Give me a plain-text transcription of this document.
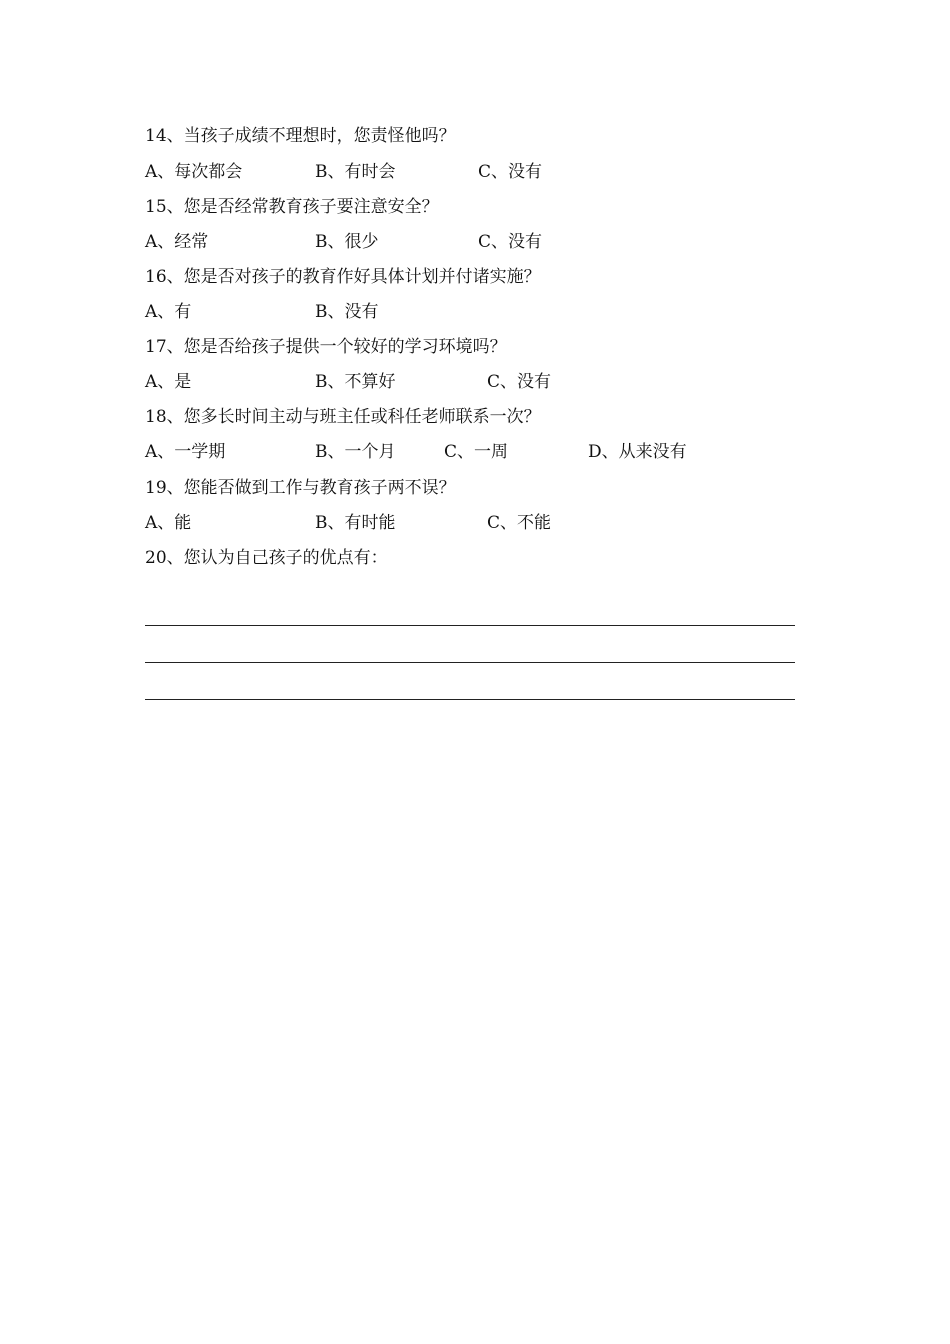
14、当孩子成绩不理想时，您责怪他吗？
A、每次都会	B、有时会	C、没有
15、您是否经常教育孩子要注意安全？
A、经常	B、很少	C、没有
16、您是否对孩子的教育作好具体计划并付诸实施？
A、有	B、没有
17、您是否给孩子提供一个较好的学习环境吗？
A、是	B、不算好	C、没有
18、您多长时间主动与班主任或科任老师联系一次？
A、一学期	B、一个月	C、一周	D、从来没有
19、您能否做到工作与教育孩子两不误？
A、能	B、有时能	C、不能
20、您认为自己孩子的优点有：
